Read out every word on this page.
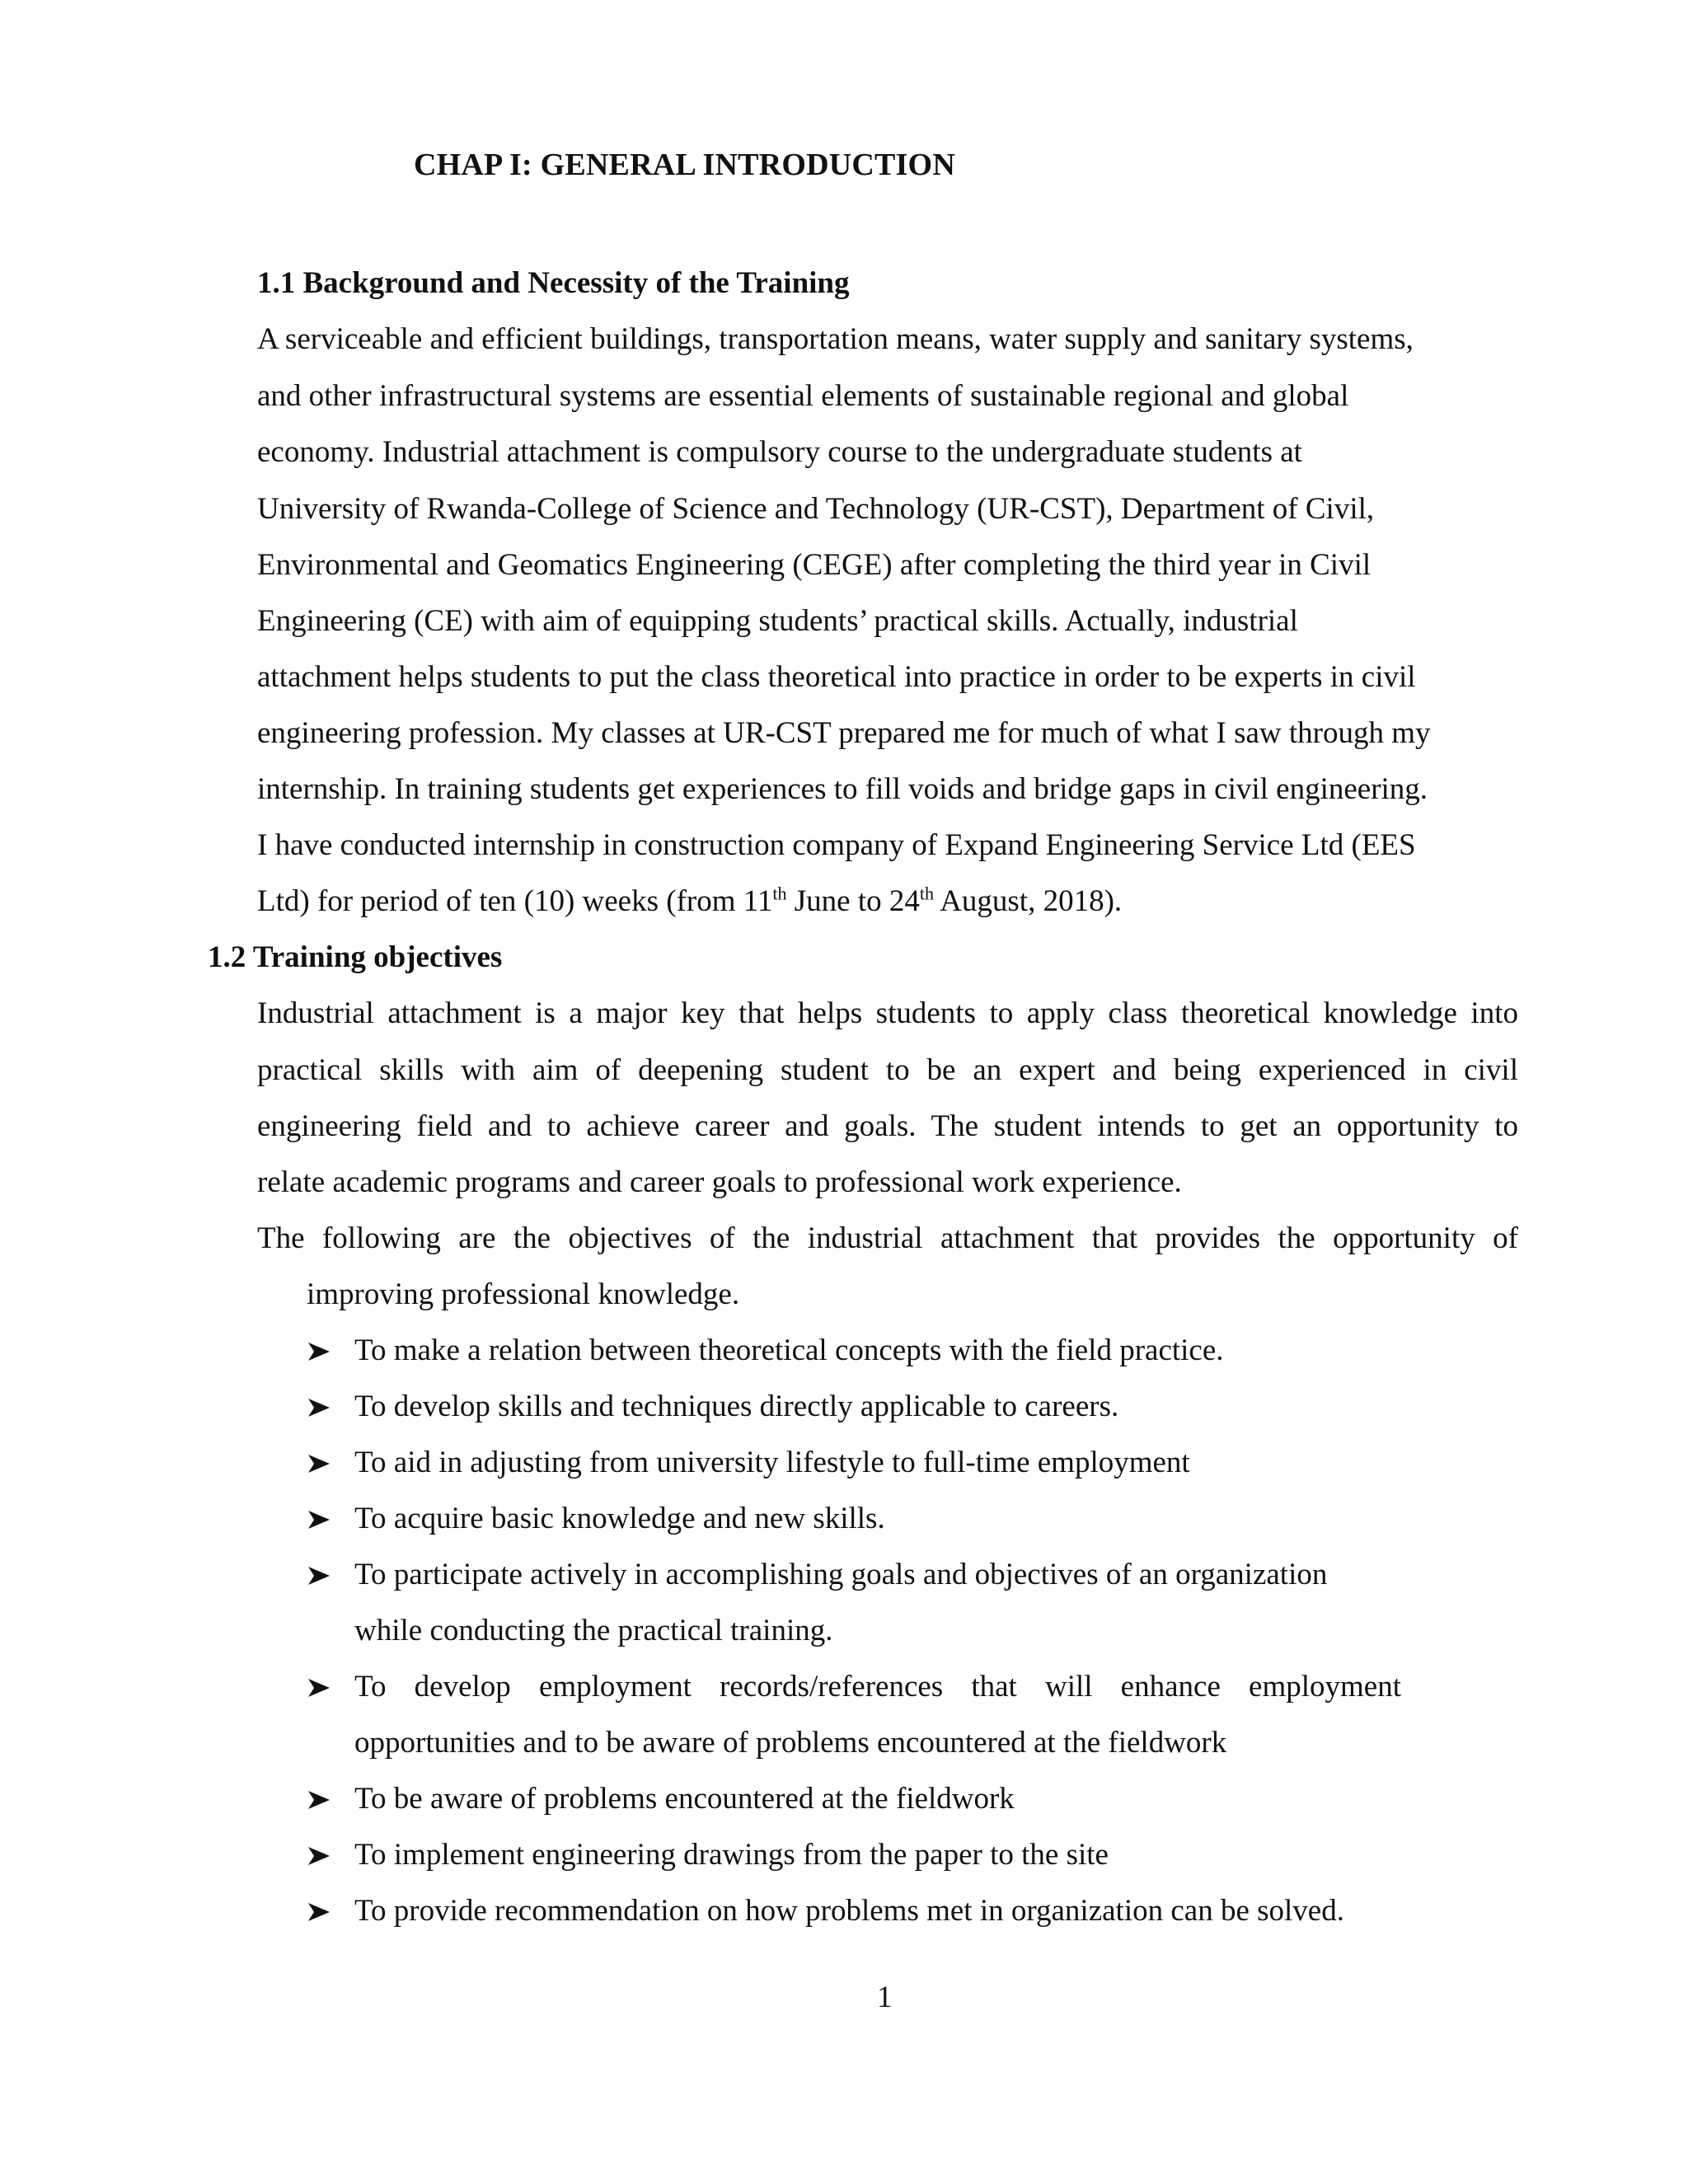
CHAP I: GENERAL INTRODUCTION
1.1 Background and Necessity of the Training
A serviceable and efficient buildings, transportation means, water supply and sanitary systems,
and other infrastructural systems are essential elements of sustainable regional and global
economy. Industrial attachment is compulsory course to the undergraduate students at
University of Rwanda-College of Science and Technology (UR-CST), Department of Civil,
Environmental and Geomatics Engineering (CEGE) after completing the third year in Civil
Engineering (CE) with aim of equipping students’ practical skills. Actually, industrial
attachment helps students to put the class theoretical into practice in order to be experts in civil
engineering profession. My classes at UR-CST prepared me for much of what I saw through my
internship. In training students get experiences to fill voids and bridge gaps in civil engineering.
I have conducted internship in construction company of Expand Engineering Service Ltd (EES
Ltd) for period of ten (10) weeks (from 11th June to 24th August, 2018).
1.2 Training objectives
Industrial attachment is a major key that helps students to apply class theoretical knowledge into
practical skills with aim of deepening student to be an expert and being experienced in civil
engineering field and to achieve career and goals. The student intends to get an opportunity to
relate academic programs and career goals to professional work experience.
The following are the objectives of the industrial attachment that provides the opportunity of
improving professional knowledge.
To make a relation between theoretical concepts with the field practice.
To develop skills and techniques directly applicable to careers.
To aid in adjusting from university lifestyle to full-time employment
To acquire basic knowledge and new skills.
To participate actively in accomplishing goals and objectives of an organization
while conducting the practical training.
To develop employment records/references that will enhance employment
opportunities and to be aware of problems encountered at the fieldwork
To be aware of problems encountered at the fieldwork
To implement engineering drawings from the paper to the site
To provide recommendation on how problems met in organization can be solved.
1
